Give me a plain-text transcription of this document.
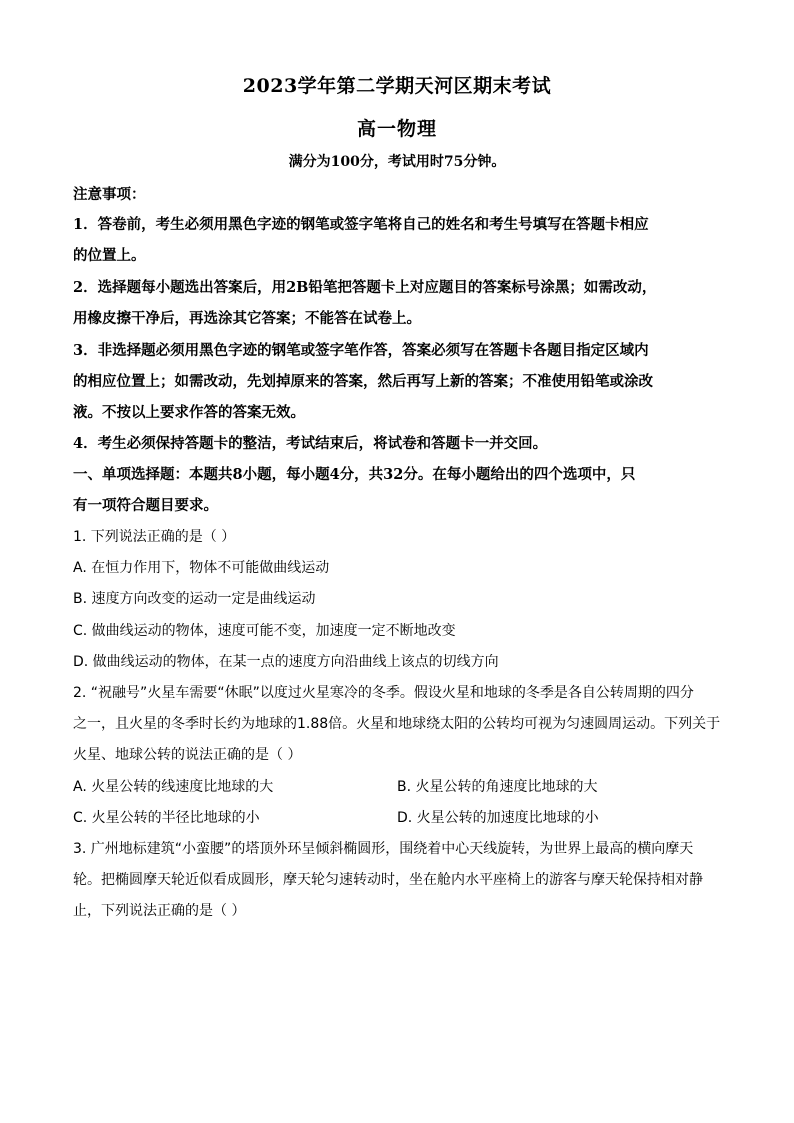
2023学年第二学期天河区期末考试
高一物理
满分为100分，考试用时75分钟。
注意事项：
1．答卷前，考生必须用黑色字迹的钢笔或签字笔将自己的姓名和考生号填写在答题卡相应
的位置上。
2．选择题每小题选出答案后，用2B铅笔把答题卡上对应题目的答案标号涂黑；如需改动，
用橡皮擦干净后，再选涂其它答案；不能答在试卷上。
3．非选择题必须用黑色字迹的钢笔或签字笔作答，答案必须写在答题卡各题目指定区域内
的相应位置上；如需改动，先划掉原来的答案，然后再写上新的答案；不准使用铅笔或涂改
液。不按以上要求作答的答案无效。
4．考生必须保持答题卡的整洁，考试结束后，将试卷和答题卡一并交回。
一、单项选择题：本题共8小题，每小题4分，共32分。在每小题给出的四个选项中，只
有一项符合题目要求。
1. 下列说法正确的是（ ）
A. 在恒力作用下，物体不可能做曲线运动
B. 速度方向改变的运动一定是曲线运动
C. 做曲线运动的物体，速度可能不变，加速度一定不断地改变
D. 做曲线运动的物体，在某一点的速度方向沿曲线上该点的切线方向
2. “祝融号”火星车需要“休眠”以度过火星寒冷的冬季。假设火星和地球的冬季是各自公转周期的四分
之一，且火星的冬季时长约为地球的1.88倍。火星和地球绕太阳的公转均可视为匀速圆周运动。下列关于
火星、地球公转的说法正确的是（ ）
A. 火星公转的线速度比地球的大	B. 火星公转的角速度比地球的大
C. 火星公转的半径比地球的小	D. 火星公转的加速度比地球的小
3. 广州地标建筑“小蛮腰”的塔顶外环呈倾斜椭圆形，围绕着中心天线旋转，为世界上最高的横向摩天
轮。把椭圆摩天轮近似看成圆形，摩天轮匀速转动时，坐在舱内水平座椅上的游客与摩天轮保持相对静
止，下列说法正确的是（ ）
